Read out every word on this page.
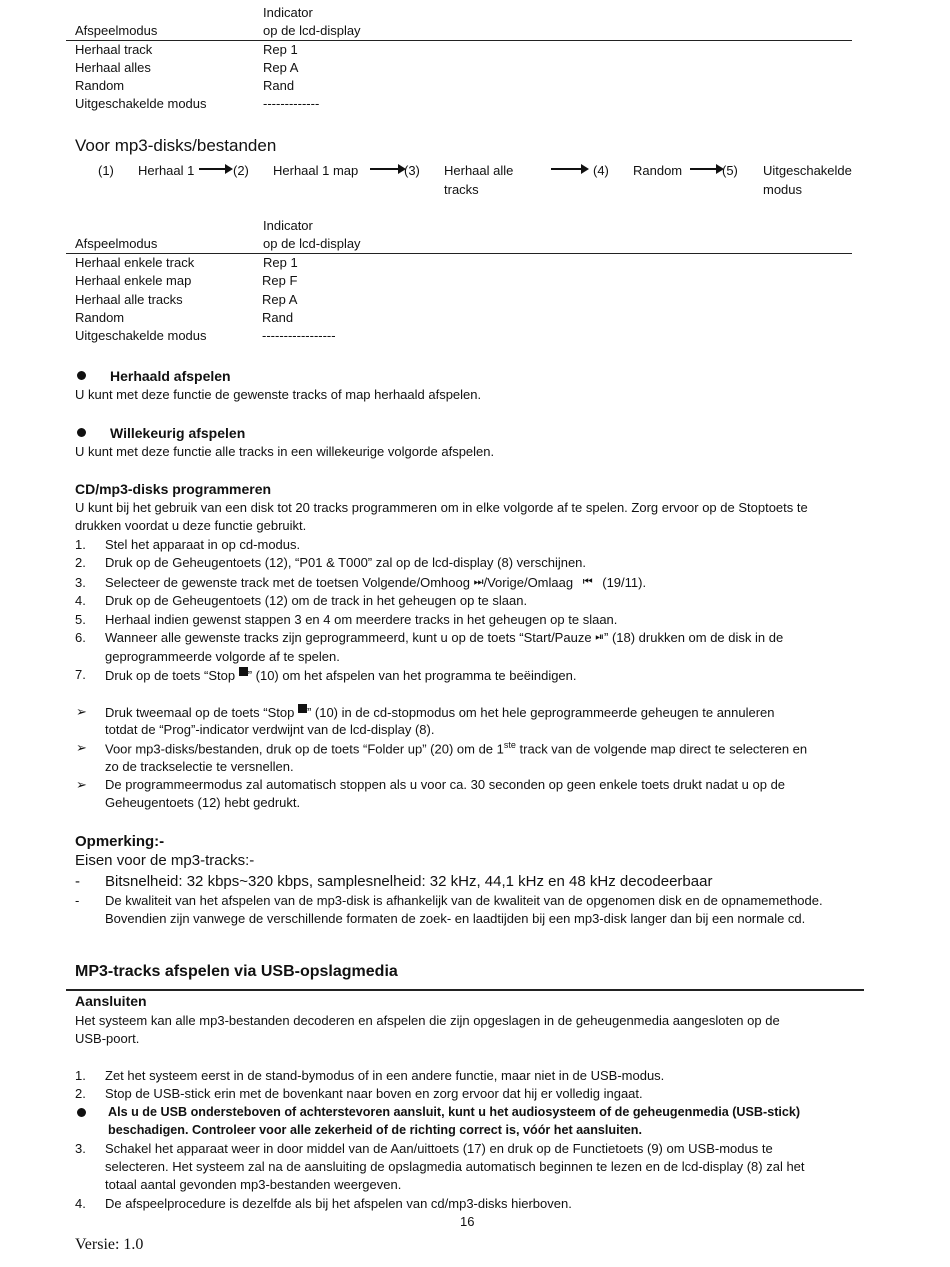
Indicator
Afspeelmodus	op de lcd-display
Herhaal track	Rep 1
Herhaal alles	Rep A
Random	Rand
Uitgeschakelde modus	-------------
Voor mp3-disks/bestanden
(1) Herhaal 1	(2) Herhaal 1 map	(3) Herhaal alle
tracks
(4) Random	(5) Uitgeschakelde
modus
Indicator
Afspeelmodus	op de lcd-display
Herhaal enkele track	Rep 1
Herhaal enkele map	Rep F
Herhaal alle tracks	Rep A
Random	Rand
Uitgeschakelde modus	-----------------
Herhaald afspelen
U kunt met deze functie de gewenste tracks of map herhaald afspelen.
Willekeurig afspelen
U kunt met deze functie alle tracks in een willekeurige volgorde afspelen.
CD/mp3-disks programmeren
U kunt bij het gebruik van een disk tot 20 tracks programmeren om in elke volgorde af te spelen. Zorg ervoor op de Stoptoets te
drukken voordat u deze functie gebruikt.
1. Stel het apparaat in op cd-modus.
2. Druk op de Geheugentoets (12), “P01 & T000” zal op de lcd-display (8) verschijnen.
3. Selecteer de gewenste track met de toetsen Volgende/Omhoog ⏭/Vorige/Omlaag ⏮ (19/11).
4. Druk op de Geheugentoets (12) om de track in het geheugen op te slaan.
5. Herhaal indien gewenst stappen 3 en 4 om meerdere tracks in het geheugen op te slaan.
6. Wanneer alle gewenste tracks zijn geprogrammeerd, kunt u op de toets “Start/Pauze ⏯” (18) drukken om de disk in de
geprogrammeerde volgorde af te spelen.
7. Druk op de toets “Stop ” (10) om het afspelen van het programma te beëindigen.
➢ Druk tweemaal op de toets “Stop ” (10) in de cd-stopmodus om het hele geprogrammeerde geheugen te annuleren
totdat de “Prog”-indicator verdwijnt van de lcd-display (8).
➢ Voor mp3-disks/bestanden, druk op de toets “Folder up” (20) om de 1ste track van de volgende map direct te selecteren en
zo de trackselectie te versnellen.
➢ De programmeermodus zal automatisch stoppen als u voor ca. 30 seconden op geen enkele toets drukt nadat u op de
Geheugentoets (12) hebt gedrukt.
Opmerking:-
Eisen voor de mp3-tracks:-
- Bitsnelheid: 32 kbps~320 kbps, samplesnelheid: 32 kHz, 44,1 kHz en 48 kHz decodeerbaar
- De kwaliteit van het afspelen van de mp3-disk is afhankelijk van de kwaliteit van de opgenomen disk en de opnamemethode.
Bovendien zijn vanwege de verschillende formaten de zoek- en laadtijden bij een mp3-disk langer dan bij een normale cd.
MP3-tracks afspelen via USB-opslagmedia
Aansluiten
Het systeem kan alle mp3-bestanden decoderen en afspelen die zijn opgeslagen in de geheugenmedia aangesloten op de
USB-poort.
1. Zet het systeem eerst in de stand-bymodus of in een andere functie, maar niet in de USB-modus.
2. Stop de USB-stick erin met de bovenkant naar boven en zorg ervoor dat hij er volledig ingaat.
Als u de USB ondersteboven of achterstevoren aansluit, kunt u het audiosysteem of de geheugenmedia (USB-stick)
beschadigen. Controleer voor alle zekerheid of de richting correct is, vóór het aansluiten.
3. Schakel het apparaat weer in door middel van de Aan/uittoets (17) en druk op de Functietoets (9) om USB-modus te
selecteren. Het systeem zal na de aansluiting de opslagmedia automatisch beginnen te lezen en de lcd-display (8) zal het
totaal aantal gevonden mp3-bestanden weergeven.
4. De afspeelprocedure is dezelfde als bij het afspelen van cd/mp3-disks hierboven.
16
Versie: 1.0
